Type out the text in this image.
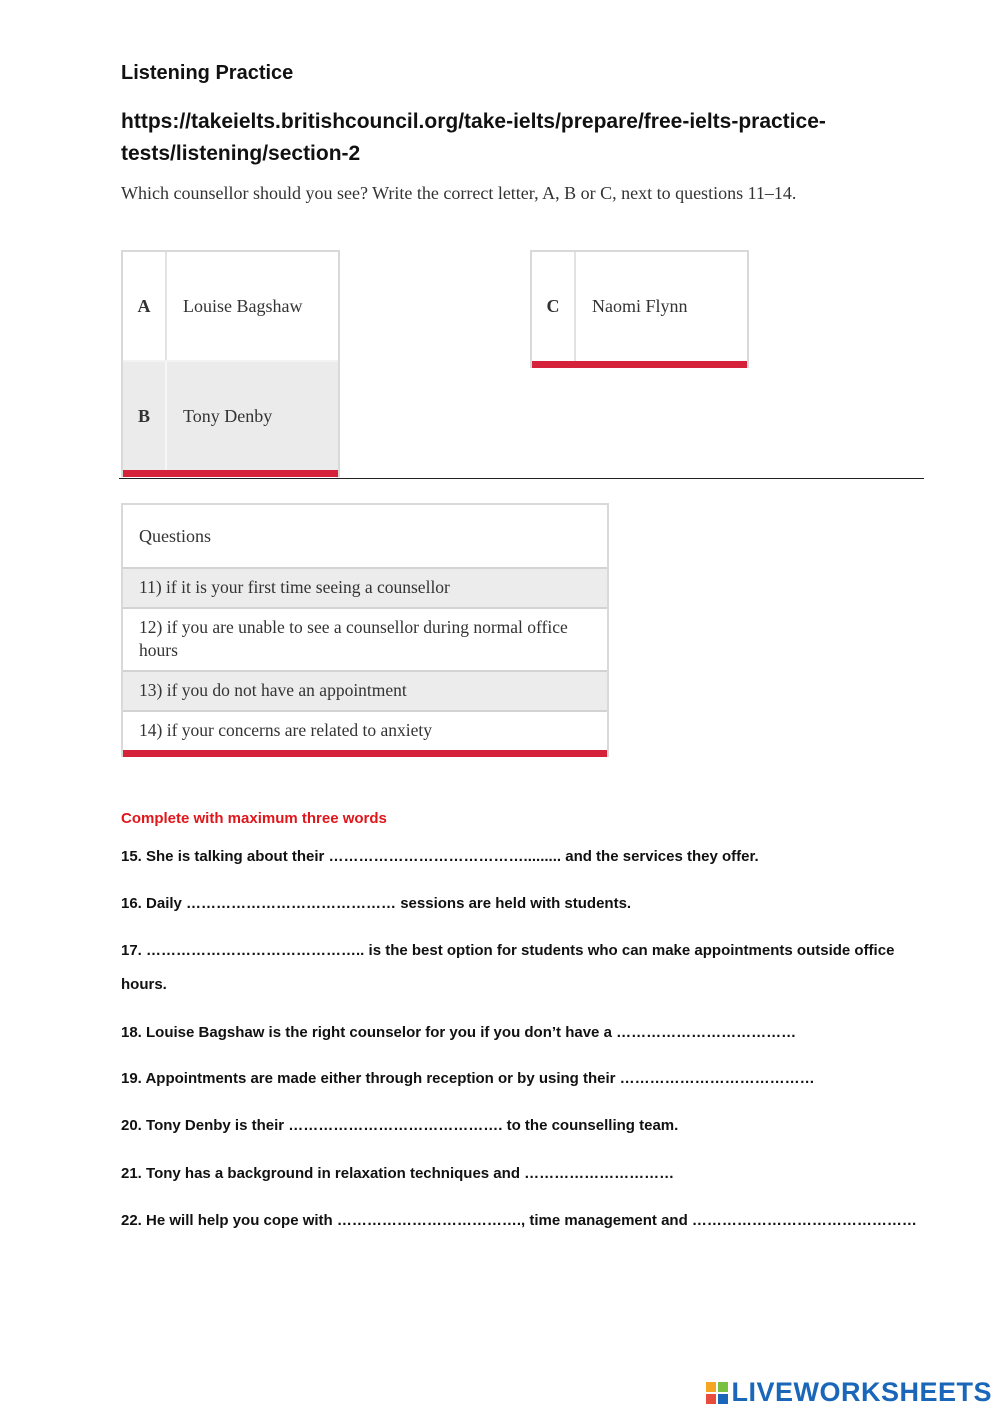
Listening Practice
https://takeielts.britishcouncil.org/take-ielts/prepare/free-ielts-practice-tests/listening/section-2
Which counsellor should you see? Write the correct letter, A, B or C, next to questions 11–14.
A	Louise Bagshaw
B	Tony Denby
C	Naomi Flynn
Questions
11) if it is your first time seeing a counsellor
12) if you are unable to see a counsellor during normal office hours
13) if you do not have an appointment
14) if your concerns are related to anxiety
Complete with maximum three words
15. She is talking about their …………………………………......... and the services they offer.
16. Daily …………………………………… sessions are held with students.
17. …………………………………….. is the best option for students who can make appointments outside office hours.
18. Louise Bagshaw is the right counselor for you if you don’t have a ………………………………
19. Appointments are made either through reception or by using their …………………………………
20. Tony Denby is their ……………………………………. to the counselling team.
21. Tony has a background in relaxation techniques and …………………………
22. He will help you cope with ………………………………., time management and ………………………………………
LIVEWORKSHEETS
